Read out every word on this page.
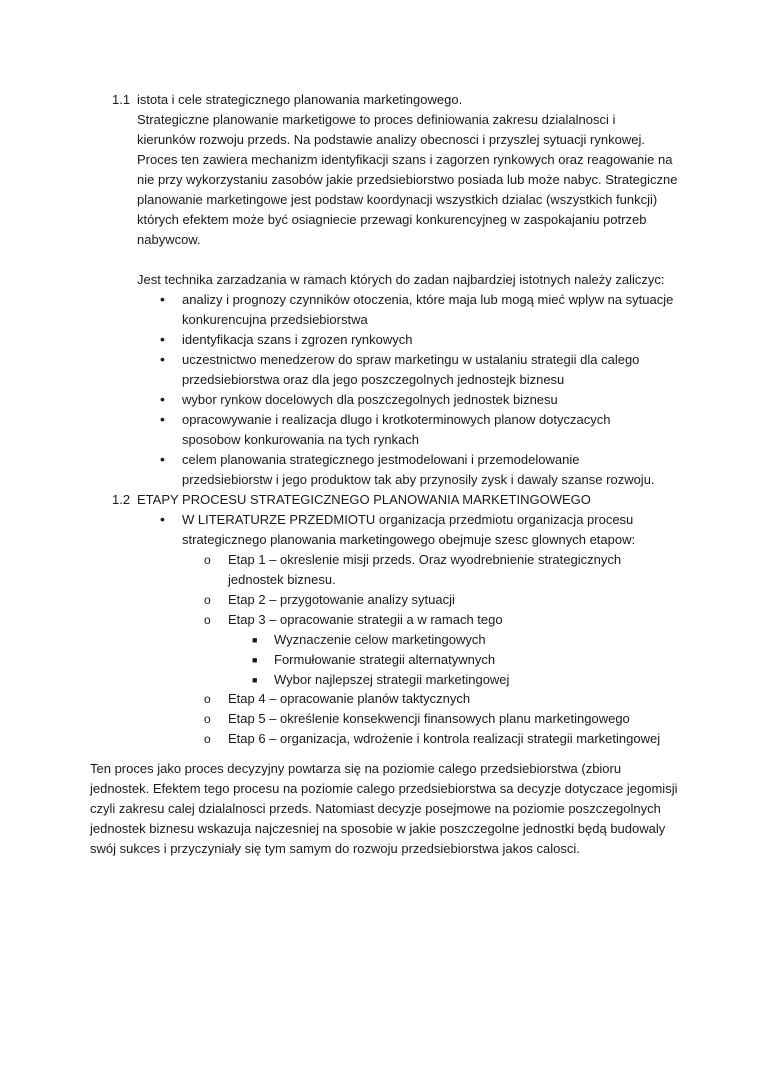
1.1 istota i cele strategicznego planowania marketingowego.
Strategiczne planowanie marketigowe to proces definiowania zakresu dzialalnosci i
kierunków rozwoju przeds. Na podstawie analizy obecnosci i przyszlej sytuacji rynkowej.
Proces ten zawiera mechanizm identyfikacji szans i zagorzen rynkowych oraz reagowanie na
nie przy wykorzystaniu zasobów jakie przedsiebiorstwo posiada lub może nabyc. Strategiczne
planowanie marketingowe jest podstaw koordynacji wszystkich dzialac (wszystkich funkcji)
których efektem może być osiagniecie przewagi konkurencyjneg w zaspokajaniu potrzeb
nabywcow.
Jest technika zarzadzania w ramach których do zadan najbardziej istotnych należy zaliczyc:
• analizy i prognozy czynników otoczenia, które maja lub mogą mieć wplyw na sytuacje
konkurencujna przedsiebiorstwa
• identyfikacja szans i zgrozen rynkowych
• uczestnictwo menedzerow do spraw marketingu w ustalaniu strategii dla calego
przedsiebiorstwa oraz dla jego poszczegolnych jednostejk biznesu
• wybor rynkow docelowych dla poszczegolnych jednostek biznesu
• opracowywanie i realizacja dlugo i krotkoterminowych planow dotyczacych
sposobow konkurowania na tych rynkach
• celem planowania strategicznego jestmodelowani i przemodelowanie
przedsiebiorstw i jego produktow tak aby przynosily zysk i dawaly szanse rozwoju.
1.2 ETAPY PROCESU STRATEGICZNEGO PLANOWANIA MARKETINGOWEGO
• W LITERATURZE PRZEDMIOTU organizacja przedmiotu organizacja procesu
strategicznego planowania marketingowego obejmuje szesc glownych etapow:
o Etap 1 – okreslenie misji przeds. Oraz wyodrebnienie strategicznych
jednostek biznesu.
o Etap 2 – przygotowanie analizy sytuacji
o Etap 3 – opracowanie strategii a w ramach tego
■ Wyznaczenie celow marketingowych
■ Formułowanie strategii alternatywnych
■ Wybor najlepszej strategii marketingowej
o Etap 4 – opracowanie planów taktycznych
o Etap 5 – określenie konsekwencji finansowych planu marketingowego
o Etap 6 – organizacja, wdrożenie i kontrola realizacji strategii marketingowej
Ten proces jako proces decyzyjny powtarza się na poziomie calego przedsiebiorstwa (zbioru
jednostek. Efektem tego procesu na poziomie calego przedsiebiorstwa sa decyzje dotyczace jegomisji
czyli zakresu calej dzialalnosci przeds. Natomiast decyzje posejmowe na poziomie poszczegolnych
jednostek biznesu wskazuja najczesniej na sposobie w jakie poszczegolne jednostki będą budowaly
swój sukces i przyczyniały się tym samym do rozwoju przedsiebiorstwa jakos calosci.
